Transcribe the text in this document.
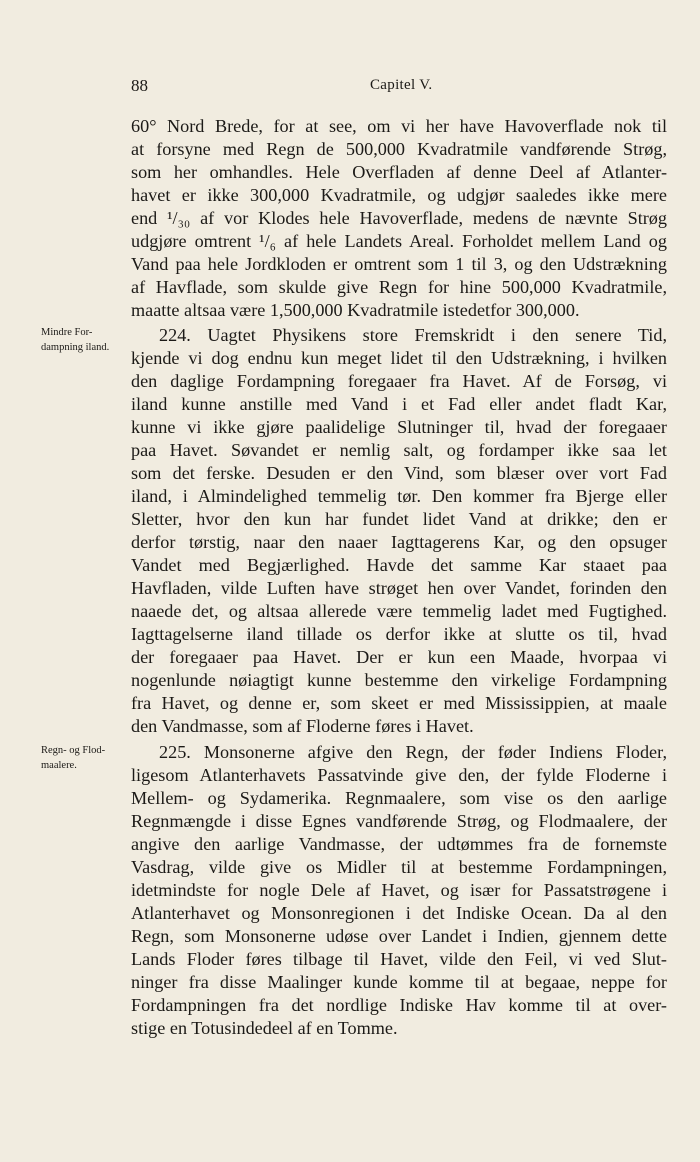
88	Capitel V.
Mindre For-
dampning iland.
Regn- og Flod-
maalere.
60° Nord Brede, for at see, om vi her have Havoverflade nok til
at forsyne med Regn de 500,000 Kvadratmile vandførende Strøg,
som her omhandles. Hele Overfladen af denne Deel af Atlanter-
havet er ikke 300,000 Kvadratmile, og udgjør saaledes ikke mere
end ¹/₃₀ af vor Klodes hele Havoverflade, medens de nævnte Strøg
udgjøre omtrent ¹/₆ af hele Landets Areal. Forholdet mellem Land og
Vand paa hele Jordkloden er omtrent som 1 til 3, og den Udstrækning
af Havflade, som skulde give Regn for hine 500,000 Kvadratmile,
maatte altsaa være 1,500,000 Kvadratmile istedetfor 300,000.
224. Uagtet Physikens store Fremskridt i den senere Tid,
kjende vi dog endnu kun meget lidet til den Udstrækning, i hvilken
den daglige Fordampning foregaaer fra Havet. Af de Forsøg, vi
iland kunne anstille med Vand i et Fad eller andet fladt Kar,
kunne vi ikke gjøre paalidelige Slutninger til, hvad der foregaaer
paa Havet. Søvandet er nemlig salt, og fordamper ikke saa let
som det ferske. Desuden er den Vind, som blæser over vort Fad
iland, i Almindelighed temmelig tør. Den kommer fra Bjerge eller
Sletter, hvor den kun har fundet lidet Vand at drikke; den er
derfor tørstig, naar den naaer Iagttagerens Kar, og den opsuger
Vandet med Begjærlighed. Havde det samme Kar staaet paa
Havfladen, vilde Luften have strøget hen over Vandet, forinden den
naaede det, og altsaa allerede være temmelig ladet med Fugtighed.
Iagttagelserne iland tillade os derfor ikke at slutte os til, hvad
der foregaaer paa Havet. Der er kun een Maade, hvorpaa vi
nogenlunde nøiagtigt kunne bestemme den virkelige Fordampning
fra Havet, og denne er, som skeet er med Mississippien, at maale
den Vandmasse, som af Floderne føres i Havet.
225. Monsonerne afgive den Regn, der føder Indiens Floder,
ligesom Atlanterhavets Passatvinde give den, der fylde Floderne i
Mellem- og Sydamerika. Regnmaalere, som vise os den aarlige
Regnmængde i disse Egnes vandførende Strøg, og Flodmaalere, der
angive den aarlige Vandmasse, der udtømmes fra de fornemste
Vasdrag, vilde give os Midler til at bestemme Fordampningen,
idetmindste for nogle Dele af Havet, og især for Passatstrøgene i
Atlanterhavet og Monsonregionen i det Indiske Ocean. Da al den
Regn, som Monsonerne udøse over Landet i Indien, gjennem dette
Lands Floder føres tilbage til Havet, vilde den Feil, vi ved Slut-
ninger fra disse Maalinger kunde komme til at begaae, neppe for
Fordampningen fra det nordlige Indiske Hav komme til at over-
stige en Totusindedeel af en Tomme.
